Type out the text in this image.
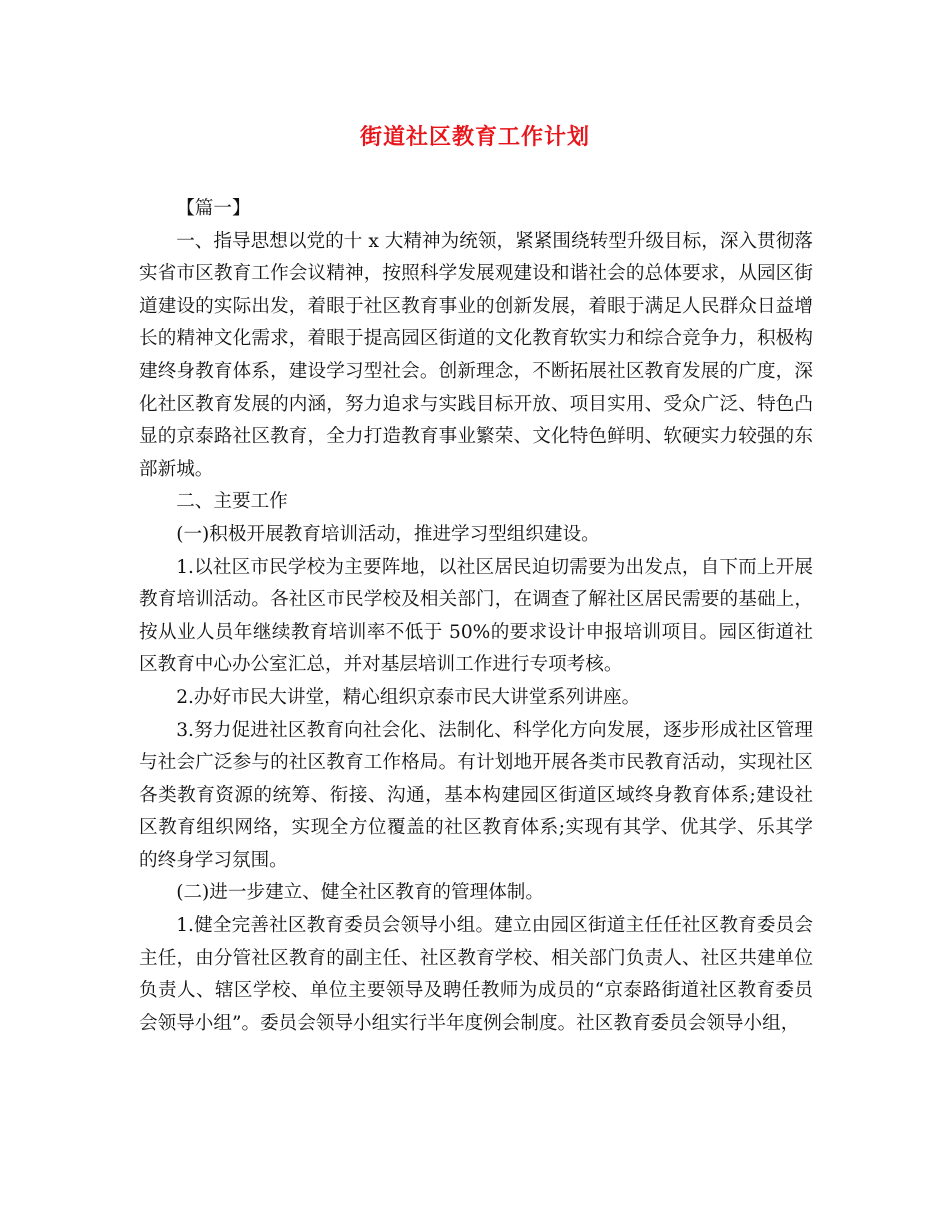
街道社区教育工作计划

【篇一】

一、指导思想以党的十 x 大精神为统领，紧紧围绕转型升级目标，深入贯彻落实省市区教育工作会议精神，按照科学发展观建设和谐社会的总体要求，从园区街道建设的实际出发，着眼于社区教育事业的创新发展，着眼于满足人民群众日益增长的精神文化需求，着眼于提高园区街道的文化教育软实力和综合竞争力，积极构建终身教育体系，建设学习型社会。创新理念，不断拓展社区教育发展的广度，深化社区教育发展的内涵，努力追求与实践目标开放、项目实用、受众广泛、特色凸显的京泰路社区教育，全力打造教育事业繁荣、文化特色鲜明、软硬实力较强的东部新城。

二、主要工作

(一)积极开展教育培训活动，推进学习型组织建设。

1.以社区市民学校为主要阵地，以社区居民迫切需要为出发点，自下而上开展教育培训活动。各社区市民学校及相关部门，在调查了解社区居民需要的基础上，按从业人员年继续教育培训率不低于 50%的要求设计申报培训项目。园区街道社区教育中心办公室汇总，并对基层培训工作进行专项考核。

2.办好市民大讲堂，精心组织京泰市民大讲堂系列讲座。

3.努力促进社区教育向社会化、法制化、科学化方向发展，逐步形成社区管理与社会广泛参与的社区教育工作格局。有计划地开展各类市民教育活动，实现社区各类教育资源的统筹、衔接、沟通，基本构建园区街道区域终身教育体系;建设社区教育组织网络，实现全方位覆盖的社区教育体系;实现有其学、优其学、乐其学的终身学习氛围。

(二)进一步建立、健全社区教育的管理体制。

1.健全完善社区教育委员会领导小组。建立由园区街道主任任社区教育委员会主任，由分管社区教育的副主任、社区教育学校、相关部门负责人、社区共建单位负责人、辖区学校、单位主要领导及聘任教师为成员的“京泰路街道社区教育委员会领导小组”。委员会领导小组实行半年度例会制度。社区教育委员会领导小组，
